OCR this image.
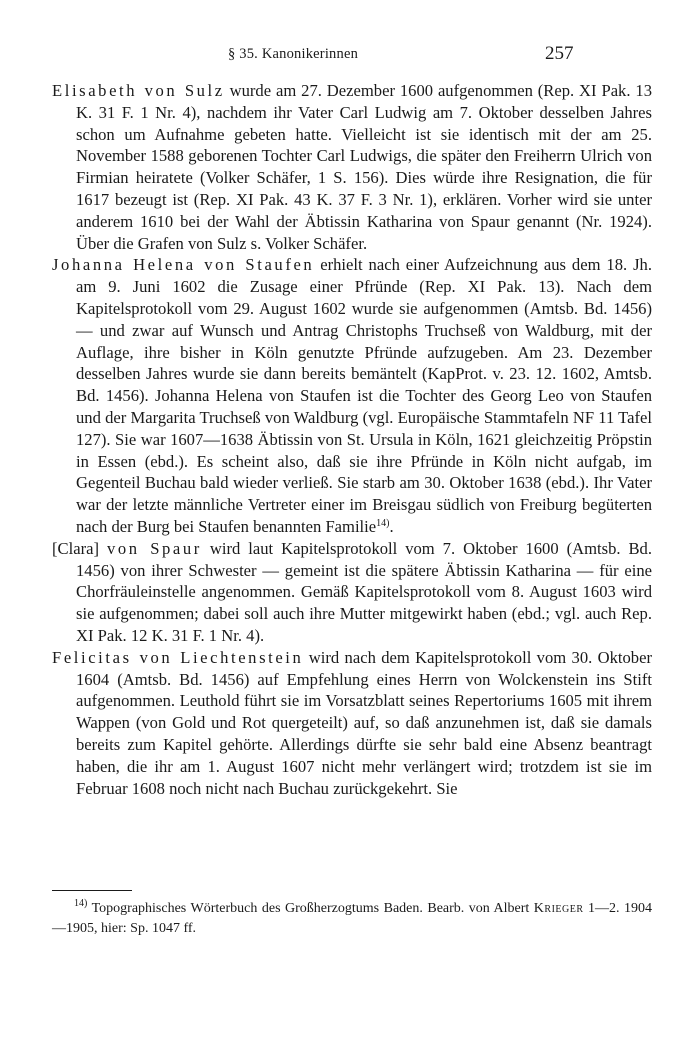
§ 35. Kanonikerinnen	257

Elisabeth von Sulz wurde am 27. Dezember 1600 aufgenommen (Rep. XI Pak. 13 K. 31 F. 1 Nr. 4), nachdem ihr Vater Carl Ludwig am 7. Oktober desselben Jahres schon um Aufnahme gebeten hatte. Vielleicht ist sie identisch mit der am 25. November 1588 geborenen Tochter Carl Ludwigs, die später den Freiherrn Ulrich von Firmian heiratete (Volker Schäfer, 1 S. 156). Dies würde ihre Resignation, die für 1617 bezeugt ist (Rep. XI Pak. 43 K. 37 F. 3 Nr. 1), erklären. Vorher wird sie unter anderem 1610 bei der Wahl der Äbtissin Katharina von Spaur genannt (Nr. 1924). Über die Grafen von Sulz s. Volker Schäfer.

Johanna Helena von Staufen erhielt nach einer Aufzeichnung aus dem 18. Jh. am 9. Juni 1602 die Zusage einer Pfründe (Rep. XI Pak. 13). Nach dem Kapitelsprotokoll vom 29. August 1602 wurde sie aufgenommen (Amtsb. Bd. 1456) — und zwar auf Wunsch und Antrag Christophs Truchseß von Waldburg, mit der Auflage, ihre bisher in Köln genutzte Pfründe aufzugeben. Am 23. Dezember desselben Jahres wurde sie dann bereits bemäntelt (KapProt. v. 23. 12. 1602, Amtsb. Bd. 1456). Johanna Helena von Staufen ist die Tochter des Georg Leo von Staufen und der Margarita Truchseß von Waldburg (vgl. Europäische Stammtafeln NF 11 Tafel 127). Sie war 1607—1638 Äbtissin von St. Ursula in Köln, 1621 gleichzeitig Pröpstin in Essen (ebd.). Es scheint also, daß sie ihre Pfründe in Köln nicht aufgab, im Gegenteil Buchau bald wieder verließ. Sie starb am 30. Oktober 1638 (ebd.). Ihr Vater war der letzte männliche Vertreter einer im Breisgau südlich von Freiburg begüterten nach der Burg bei Staufen benannten Familie$^{14)}$.

[Clara] von Spaur wird laut Kapitelsprotokoll vom 7. Oktober 1600 (Amtsb. Bd. 1456) von ihrer Schwester — gemeint ist die spätere Äbtissin Katharina — für eine Chorfräuleinstelle angenommen. Gemäß Kapitelsprotokoll vom 8. August 1603 wird sie aufgenommen; dabei soll auch ihre Mutter mitgewirkt haben (ebd.; vgl. auch Rep. XI Pak. 12 K. 31 F. 1 Nr. 4).

Felicitas von Liechtenstein wird nach dem Kapitelsprotokoll vom 30. Oktober 1604 (Amtsb. Bd. 1456) auf Empfehlung eines Herrn von Wolckenstein ins Stift aufgenommen. Leuthold führt sie im Vorsatzblatt seines Repertoriums 1605 mit ihrem Wappen (von Gold und Rot quergeteilt) auf, so daß anzunehmen ist, daß sie damals bereits zum Kapitel gehörte. Allerdings dürfte sie sehr bald eine Absenz beantragt haben, die ihr am 1. August 1607 nicht mehr verlängert wird; trotzdem ist sie im Februar 1608 noch nicht nach Buchau zurückgekehrt. Sie

$^{14)}$ Topographisches Wörterbuch des Großherzogtums Baden. Bearb. von Albert Krieger 1—2. 1904—1905, hier: Sp. 1047 ff.
